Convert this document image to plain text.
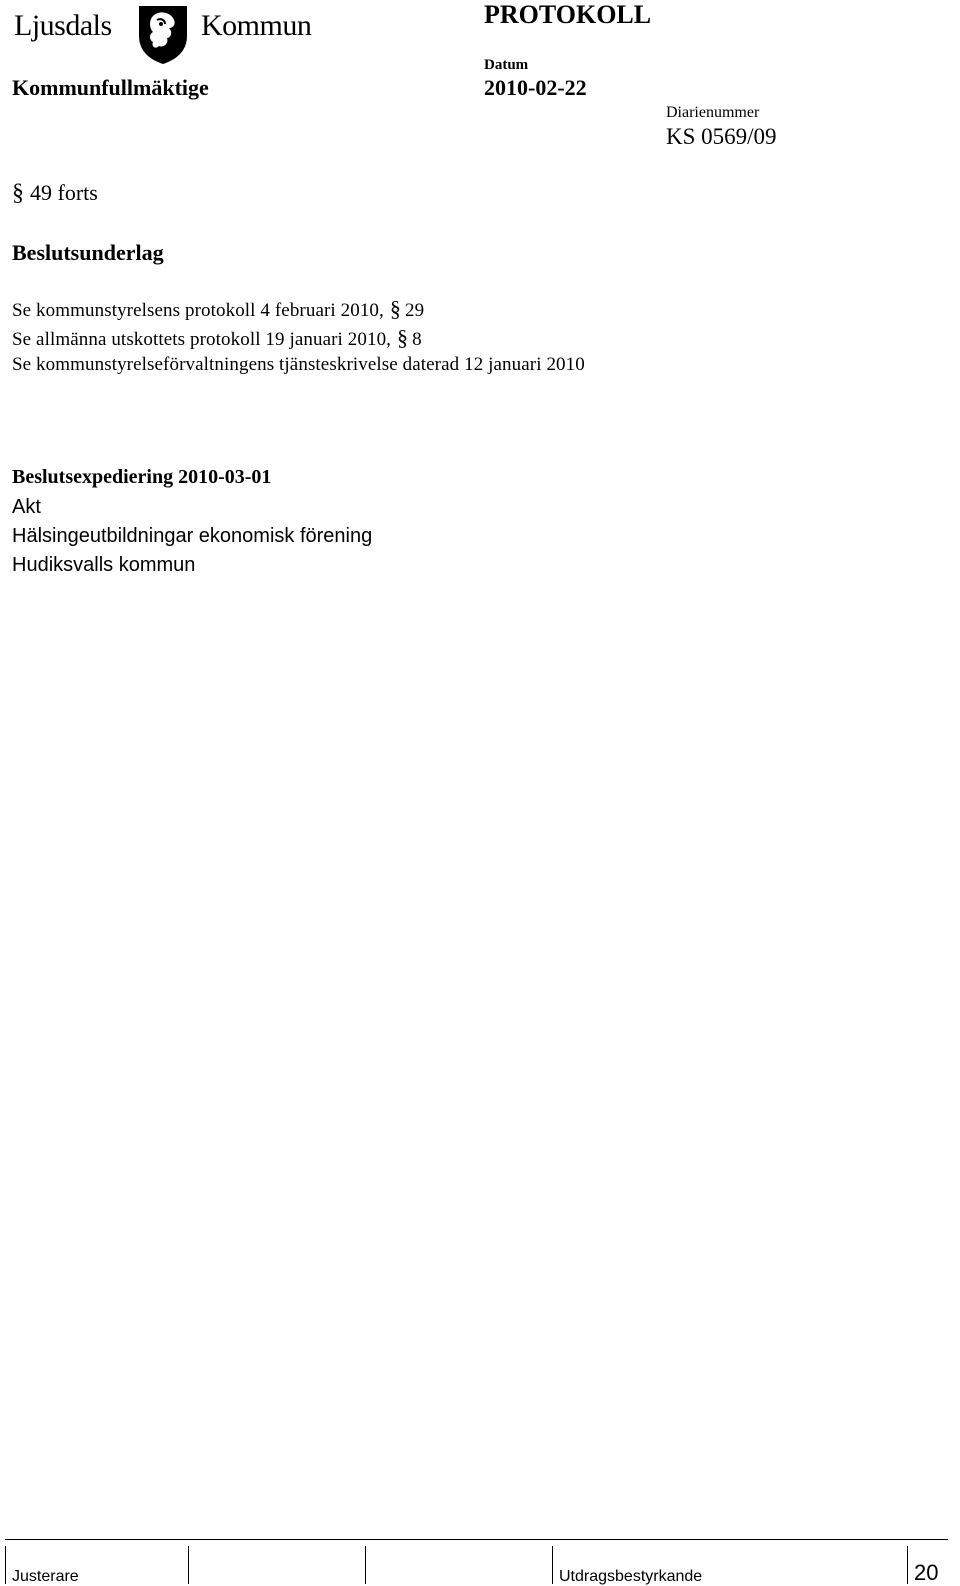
Ljusdals	Kommun	PROTOKOLL
Kommunfullmäktige
Datum
2010-02-22
Diarienummer
KS 0569/09
§ 49 forts
Beslutsunderlag
Se kommunstyrelsens protokoll 4 februari 2010, § 29
Se allmänna utskottets protokoll 19 januari 2010, § 8
Se kommunstyrelseförvaltningens tjänsteskrivelse daterad 12 januari 2010
Beslutsexpediering 2010-03-01
Akt
Hälsingeutbildningar ekonomisk förening
Hudiksvalls kommun
Justerare	Utdragsbestyrkande	20
